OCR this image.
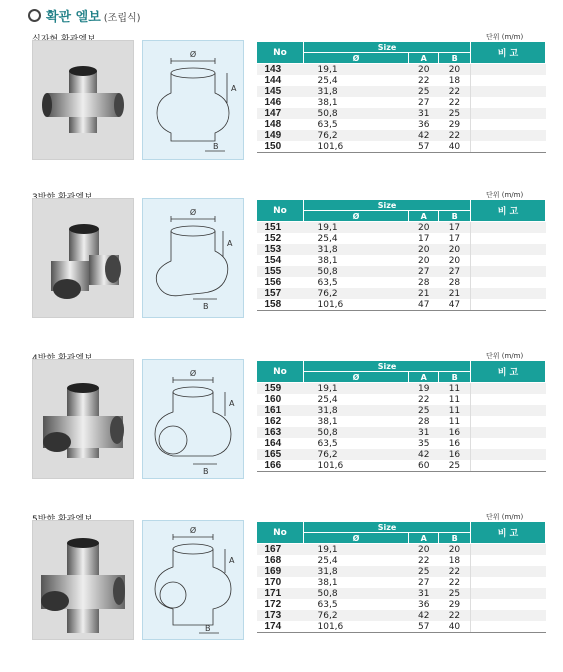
확관 엘보 (조립식)
단위 (m/m)
Ø
A
B
No	Size			비 고
	Ø	A	B	
143	19,1	20	20	
144	25,4	22	18	
145	31,8	25	22	
146	38,1	27	22	
147	50,8	31	25	
148	63,5	36	29	
149	76,2	42	22	
150	101,6	57	40	
단위 (m/m)
Ø
A
B
No	Size			비 고
	Ø	A	B	
151	19,1	20	17	
152	25,4	17	17	
153	31,8	20	20	
154	38,1	20	20	
155	50,8	27	27	
156	63,5	28	28	
157	76,2	21	21	
158	101,6	47	47	
단위 (m/m)
Ø
A
B
No	Size			비 고
	Ø	A	B	
159	19,1	19	11	
160	25,4	22	11	
161	31,8	25	11	
162	38,1	28	11	
163	50,8	31	16	
164	63,5	35	16	
165	76,2	42	16	
166	101,6	60	25	
단위 (m/m)
Ø
A
B
No	Size			비 고
	Ø	A	B	
167	19,1	20	20	
168	25,4	22	18	
169	31,8	25	22	
170	38,1	27	22	
171	50,8	31	25	
172	63,5	36	29	
173	76,2	42	22	
174	101,6	57	40	
